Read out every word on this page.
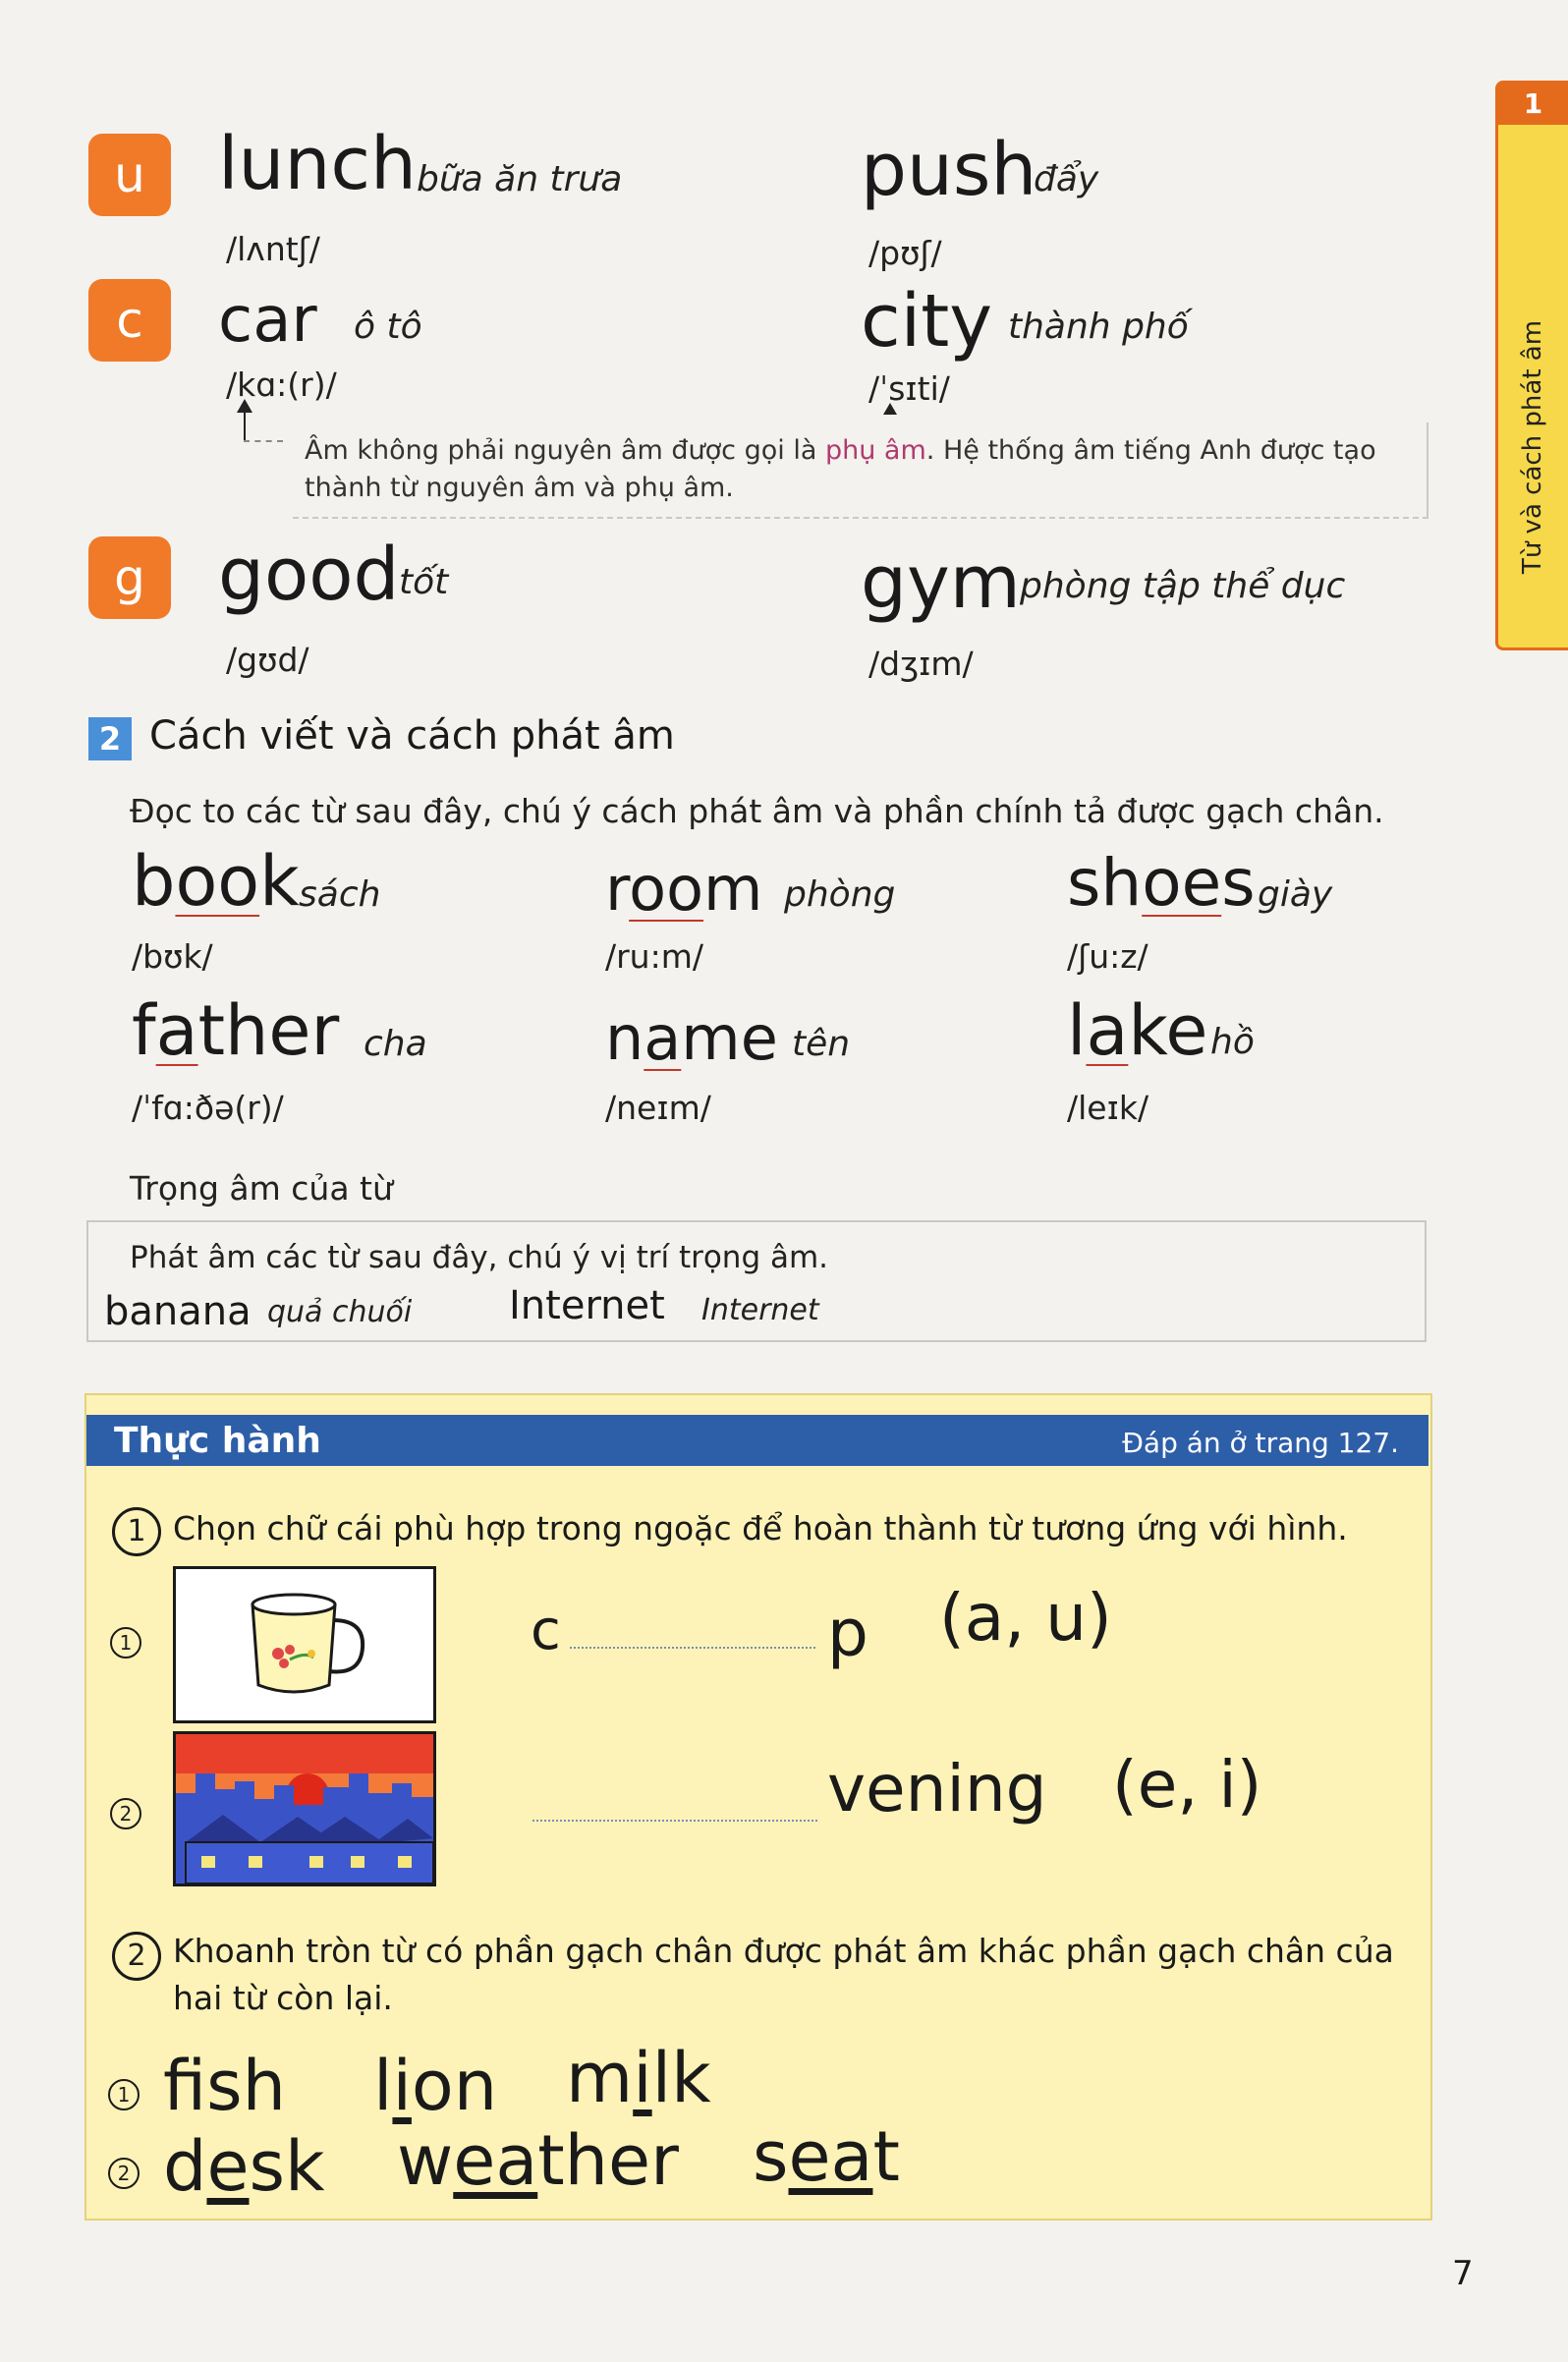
1
Từ và cách phát âm
u	lunch bữa ăn trưa
/lʌntʃ/
push
đẩy
/pʊʃ/
c	car ô tô
/kɑ:(r)/
city thành phố
/ˈsɪti/
Âm không phải nguyên âm được gọi là phụ âm. Hệ thống âm tiếng Anh được tạo thành từ nguyên âm và phụ âm.
g	good tốt
/gʊd/
gym phòng tập thể dục
/dʒɪm/
2 Cách viết và cách phát âm
Đọc to các từ sau đây, chú ý cách phát âm và phần chính tả được gạch chân.
book sách
/bʊk/
room phòng
/ru:m/
shoes giày
/ʃu:z/
father cha
/ˈfɑ:ðə(r)/
name tên
/neɪm/
lake hồ
/leɪk/
Trọng âm của từ
Phát âm các từ sau đây, chú ý vị trí trọng âm.
banana quả chuối Internet Internet
Thực hành	Đáp án ở trang 127.
1 Chọn chữ cái phù hợp trong ngoặc để hoàn thành từ tương ứng với hình.
1	c	p (a, u)
2	vening (e, i)
2 Khoanh tròn từ có phần gạch chân được phát âm khác phần gạch chân của hai từ còn lại.
1 fsh lion milk
2 desk weather seat
7
